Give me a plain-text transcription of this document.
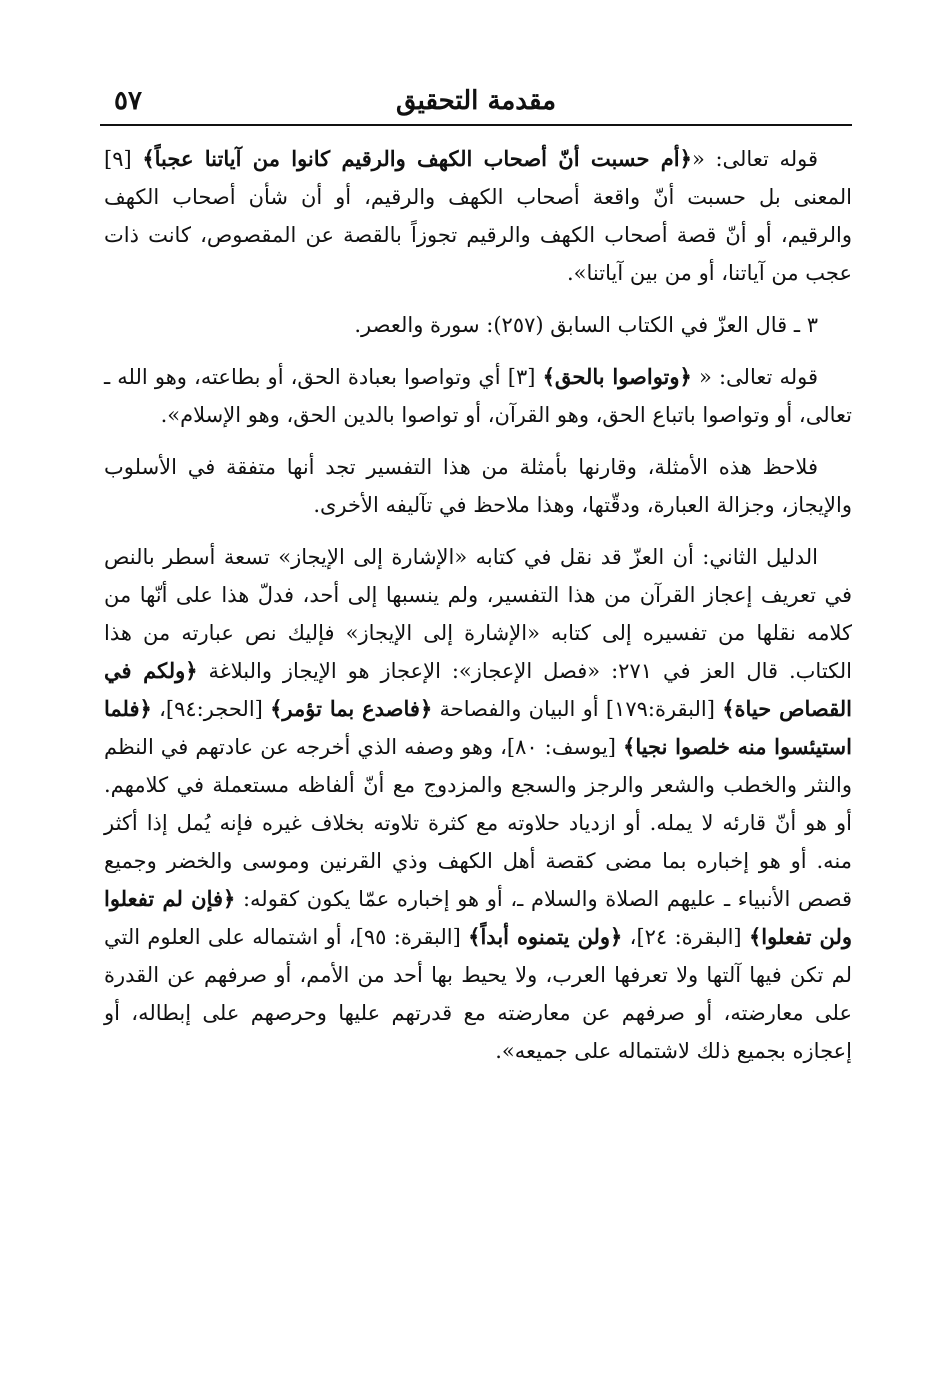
٥٧	مقدمة التحقيق

قوله تعالى: «﴿أم حسبت أنّ أصحاب الكهف والرقيم كانوا من آياتنا عجباً﴾ [٩] المعنى بل حسبت أنّ واقعة أصحاب الكهف والرقيم، أو أن شأن أصحاب الكهف والرقيم، أو أنّ قصة أصحاب الكهف والرقيم تجوزاً بالقصة عن المقصوص، كانت ذات عجب من آياتنا، أو من بين آياتنا».

٣ ـ قال العزّ في الكتاب السابق (٢٥٧): سورة والعصر.

قوله تعالى: « ﴿وتواصوا بالحق﴾ [٣] أي وتواصوا بعبادة الحق، أو بطاعته، وهو الله ـ تعالى، أو وتواصوا باتباع الحق، وهو القرآن، أو تواصوا بالدين الحق، وهو الإسلام».

فلاحظ هذه الأمثلة، وقارنها بأمثلة من هذا التفسير تجد أنها متفقة في الأسلوب والإيجاز، وجزالة العبارة، ودقّتها، وهذا ملاحظ في تآليفه الأخرى.

الدليل الثاني: أن العزّ قد نقل في كتابه «الإشارة إلى الإيجاز» تسعة أسطر بالنص في تعريف إعجاز القرآن من هذا التفسير، ولم ينسبها إلى أحد، فدلّ هذا على أنّها من كلامه نقلها من تفسيره إلى كتابه «الإشارة إلى الإيجاز» فإليك نص عبارته من هذا الكتاب. قال العز في ٢٧١: «فصل الإعجاز»: الإعجاز هو الإيجاز والبلاغة ﴿ولكم في القصاص حياة﴾ [البقرة:١٧٩] أو البيان والفصاحة ﴿فاصدع بما تؤمر﴾ [الحجر:٩٤]، ﴿فلما استيئسوا منه خلصوا نجيا﴾ [يوسف: ٨٠]، وهو وصفه الذي أخرجه عن عادتهم في النظم والنثر والخطب والشعر والرجز والسجع والمزدوج مع أنّ ألفاظه مستعملة في كلامهم. أو هو أنّ قارئه لا يمله. أو ازدياد حلاوته مع كثرة تلاوته بخلاف غيره فإنه يُمل إذا أكثر منه. أو هو إخباره بما مضى كقصة أهل الكهف وذي القرنين وموسى والخضر وجميع قصص الأنبياء ـ عليهم الصلاة والسلام ـ، أو هو إخباره عمّا يكون كقوله: ﴿فإن لم تفعلوا ولن تفعلوا﴾ [البقرة: ٢٤]، ﴿ولن يتمنوه أبداً﴾ [البقرة: ٩٥]، أو اشتماله على العلوم التي لم تكن فيها آلتها ولا تعرفها العرب، ولا يحيط بها أحد من الأمم، أو صرفهم عن القدرة على معارضته، أو صرفهم عن معارضته مع قدرتهم عليها وحرصهم على إبطاله، أو إعجازه بجميع ذلك لاشتماله على جميعه».
